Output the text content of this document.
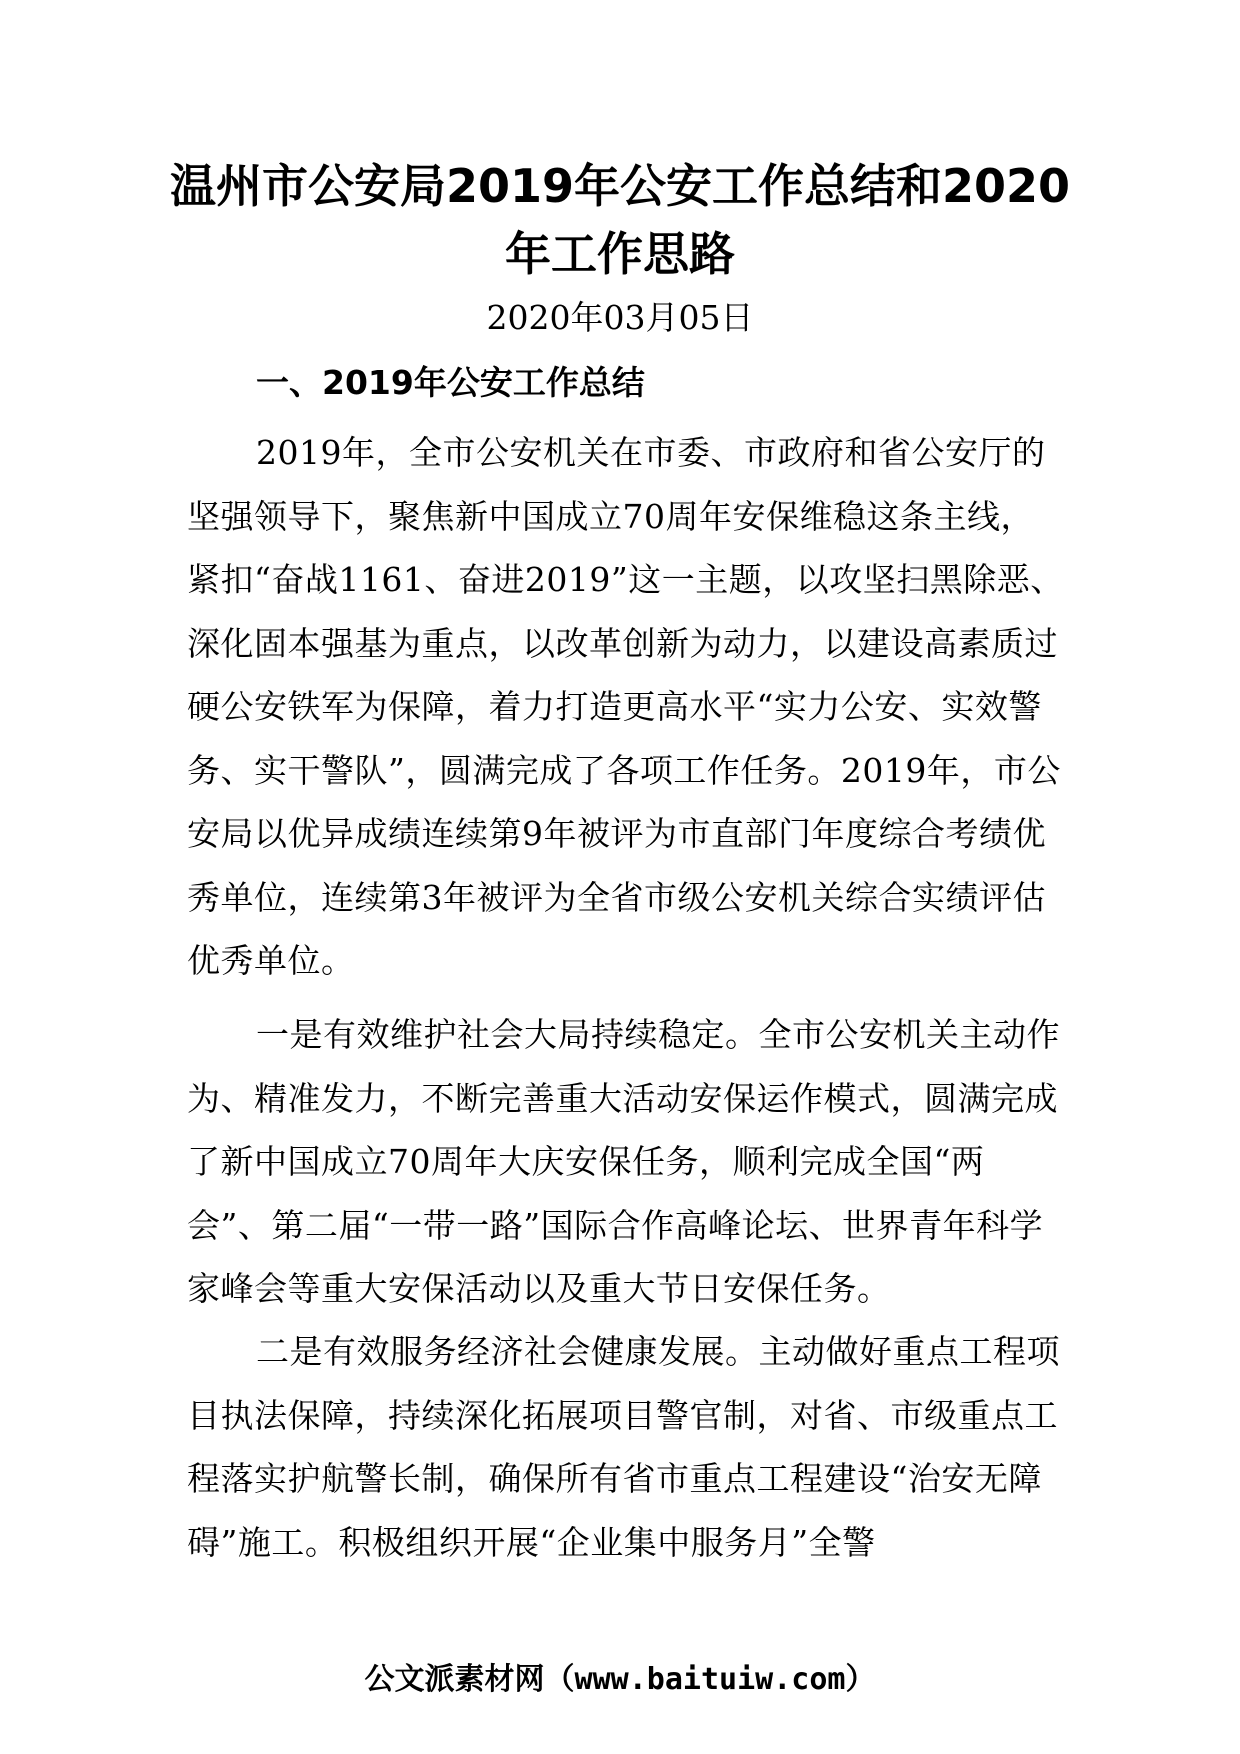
温州市公安局2019年公安工作总结和2020
年工作思路
2020年03月05日
一、2019年公安工作总结

2019年，全市公安机关在市委、市政府和省公安厅的坚强领导下，聚焦新中国成立70周年安保维稳这条主线，紧扣“奋战1161、奋进2019”这一主题，以攻坚扫黑除恶、深化固本强基为重点，以改革创新为动力，以建设高素质过硬公安铁军为保障，着力打造更高水平“实力公安、实效警务、实干警队”，圆满完成了各项工作任务。2019年，市公安局以优异成绩连续第9年被评为市直部门年度综合考绩优秀单位，连续第3年被评为全省市级公安机关综合实绩评估优秀单位。

一是有效维护社会大局持续稳定。全市公安机关主动作为、精准发力，不断完善重大活动安保运作模式，圆满完成了新中国成立70周年大庆安保任务，顺利完成全国“两会”、第二届“一带一路”国际合作高峰论坛、世界青年科学家峰会等重大安保活动以及重大节日安保任务。

二是有效服务经济社会健康发展。主动做好重点工程项目执法保障，持续深化拓展项目警官制，对省、市级重点工程落实护航警长制，确保所有省市重点工程建设“治安无障碍”施工。积极组织开展“企业集中服务月”全警

公文派素材网（www.baituiw.com）
